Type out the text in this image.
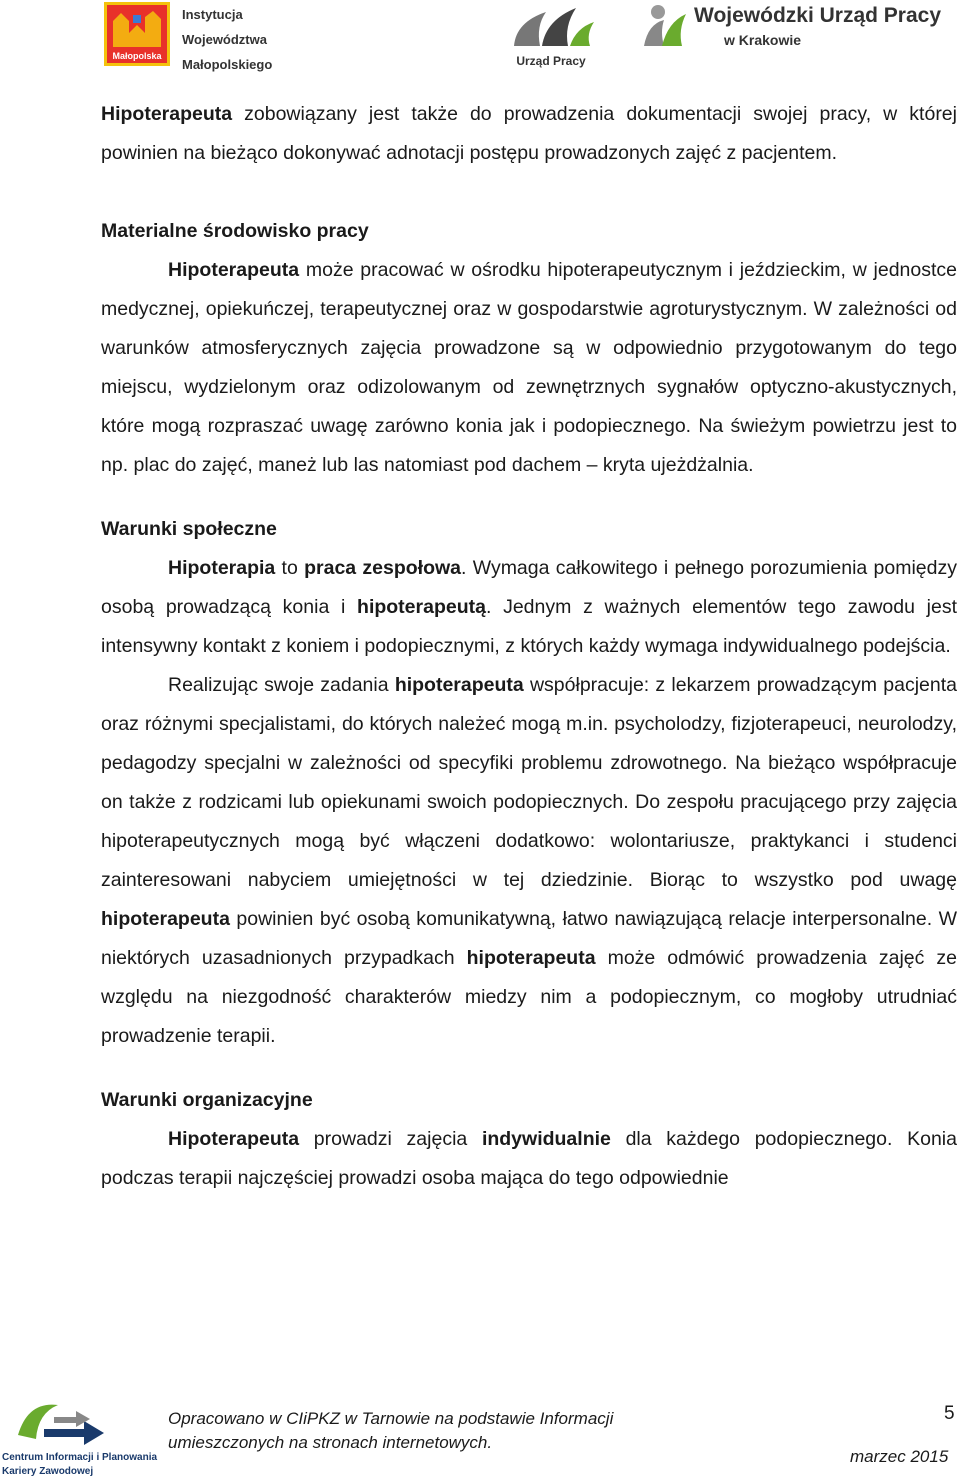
Małopolska
Instytucja
Województwa
Małopolskiego	Urząd Pracy
Wojewódzki Urząd Pracy
w Krakowie

Hipoterapeuta zobowiązany jest także do prowadzenia dokumentacji swojej pracy, w której powinien na bieżąco dokonywać adnotacji postępu prowadzonych zajęć z pacjentem.

Materialne środowisko pracy

Hipoterapeuta może pracować w ośrodku hipoterapeutycznym i jeździeckim, w jednostce medycznej, opiekuńczej, terapeutycznej oraz w gospodarstwie agroturystycznym. W zależności od warunków atmosferycznych zajęcia prowadzone są w odpowiednio przygotowanym do tego miejscu, wydzielonym oraz odizolowanym od zewnętrznych sygnałów optyczno-akustycznych, które mogą rozpraszać uwagę zarówno konia jak i podopiecznego. Na świeżym powietrzu jest to np. plac do zajęć, maneż lub las natomiast pod dachem – kryta ujeżdżalnia.

Warunki społeczne

Hipoterapia to praca zespołowa. Wymaga całkowitego i pełnego porozumienia pomiędzy osobą prowadzącą konia i hipoterapeutą. Jednym z ważnych elementów tego zawodu jest intensywny kontakt z koniem i podopiecznymi, z których każdy wymaga indywidualnego podejścia.

Realizując swoje zadania hipoterapeuta współpracuje: z lekarzem prowadzącym pacjenta oraz różnymi specjalistami, do których należeć mogą m.in. psycholodzy, fizjoterapeuci, neurolodzy, pedagodzy specjalni w zależności od specyfiki problemu zdrowotnego. Na bieżąco współpracuje on także z rodzicami lub opiekunami swoich podopiecznych. Do zespołu pracującego przy zajęcia hipoterapeutycznych mogą być włączeni dodatkowo: wolontariusze, praktykanci i studenci zainteresowani nabyciem umiejętności w tej dziedzinie. Biorąc to wszystko pod uwagę hipoterapeuta powinien być osobą komunikatywną, łatwo nawiązującą relacje interpersonalne. W niektórych uzasadnionych przypadkach hipoterapeuta może odmówić prowadzenia zajęć ze względu na niezgodność charakterów miedzy nim a podopiecznym, co mogłoby utrudniać prowadzenie terapii.

Warunki organizacyjne

Hipoterapeuta prowadzi zajęcia indywidualnie dla każdego podopiecznego. Konia podczas terapii najczęściej prowadzi osoba mająca do tego odpowiednie

Centrum Informacji i Planowania
Kariery Zawodowej
Opracowano w CIiPKZ w Tarnowie na podstawie Informacji
umieszczonych na stronach internetowych.
5
marzec 2015
